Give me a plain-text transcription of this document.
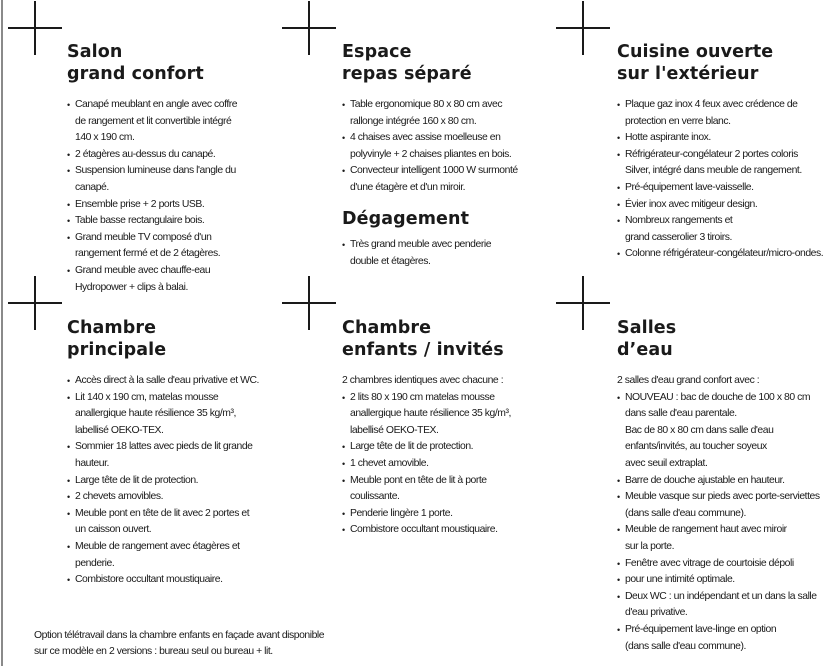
Salon
grand confort
• Canapé meublant en angle avec coffre
de rangement et lit convertible intégré
140 x 190 cm.
• 2 étagères au-dessus du canapé.
• Suspension lumineuse dans l'angle du
canapé.
• Ensemble prise + 2 ports USB.
• Table basse rectangulaire bois.
• Grand meuble TV composé d'un
rangement fermé et de 2 étagères.
• Grand meuble avec chauffe-eau
Hydropower + clips à balai.
Espace
repas séparé
• Table ergonomique 80 x 80 cm avec
rallonge intégrée 160 x 80 cm.
• 4 chaises avec assise moelleuse en
polyvinyle + 2 chaises pliantes en bois.
• Convecteur intelligent 1000 W surmonté
d'une étagère et d'un miroir.
Dégagement
• Très grand meuble avec penderie
double et étagères.
Cuisine ouverte
sur l'extérieur
• Plaque gaz inox 4 feux avec crédence de
protection en verre blanc.
• Hotte aspirante inox.
• Réfrigérateur-congélateur 2 portes coloris
Silver, intégré dans meuble de rangement.
• Pré-équipement lave-vaisselle.
• Évier inox avec mitigeur design.
• Nombreux rangements et
grand casserolier 3 tiroirs.
• Colonne réfrigérateur-congélateur/micro-ondes.
Chambre
principale
• Accès direct à la salle d'eau privative et WC.
• Lit 140 x 190 cm, matelas mousse
anallergique haute résilience 35 kg/m³,
labellisé OEKO-TEX.
• Sommier 18 lattes avec pieds de lit grande
hauteur.
• Large tête de lit de protection.
• 2 chevets amovibles.
• Meuble pont en tête de lit avec 2 portes et
un caisson ouvert.
• Meuble de rangement avec étagères et
penderie.
• Combistore occultant moustiquaire.
Chambre
enfants / invités

2 chambres identiques avec chacune :

• 2 lits 80 x 190 cm matelas mousse
anallergique haute résilience 35 kg/m³,
labellisé OEKO-TEX.
• Large tête de lit de protection.
• 1 chevet amovible.
• Meuble pont en tête de lit à porte
coulissante.
• Penderie lingère 1 porte.
• Combistore occultant moustiquaire.
Salles
d’eau

2 salles d'eau grand confort avec :

• NOUVEAU : bac de douche de 100 x 80 cm
dans salle d'eau parentale.
Bac de 80 x 80 cm dans salle d'eau
enfants/invités, au toucher soyeux
avec seuil extraplat.
• Barre de douche ajustable en hauteur.
• Meuble vasque sur pieds avec porte-serviettes
(dans salle d'eau commune).
• Meuble de rangement haut avec miroir
sur la porte.
• Fenêtre avec vitrage de courtoisie dépoli
• pour une intimité optimale.
• Deux WC : un indépendant et un dans la salle
d'eau privative.
• Pré-équipement lave-linge en option
(dans salle d'eau commune).
Option télétravail dans la chambre enfants en façade avant disponible
sur ce modèle en 2 versions : bureau seul ou bureau + lit.
